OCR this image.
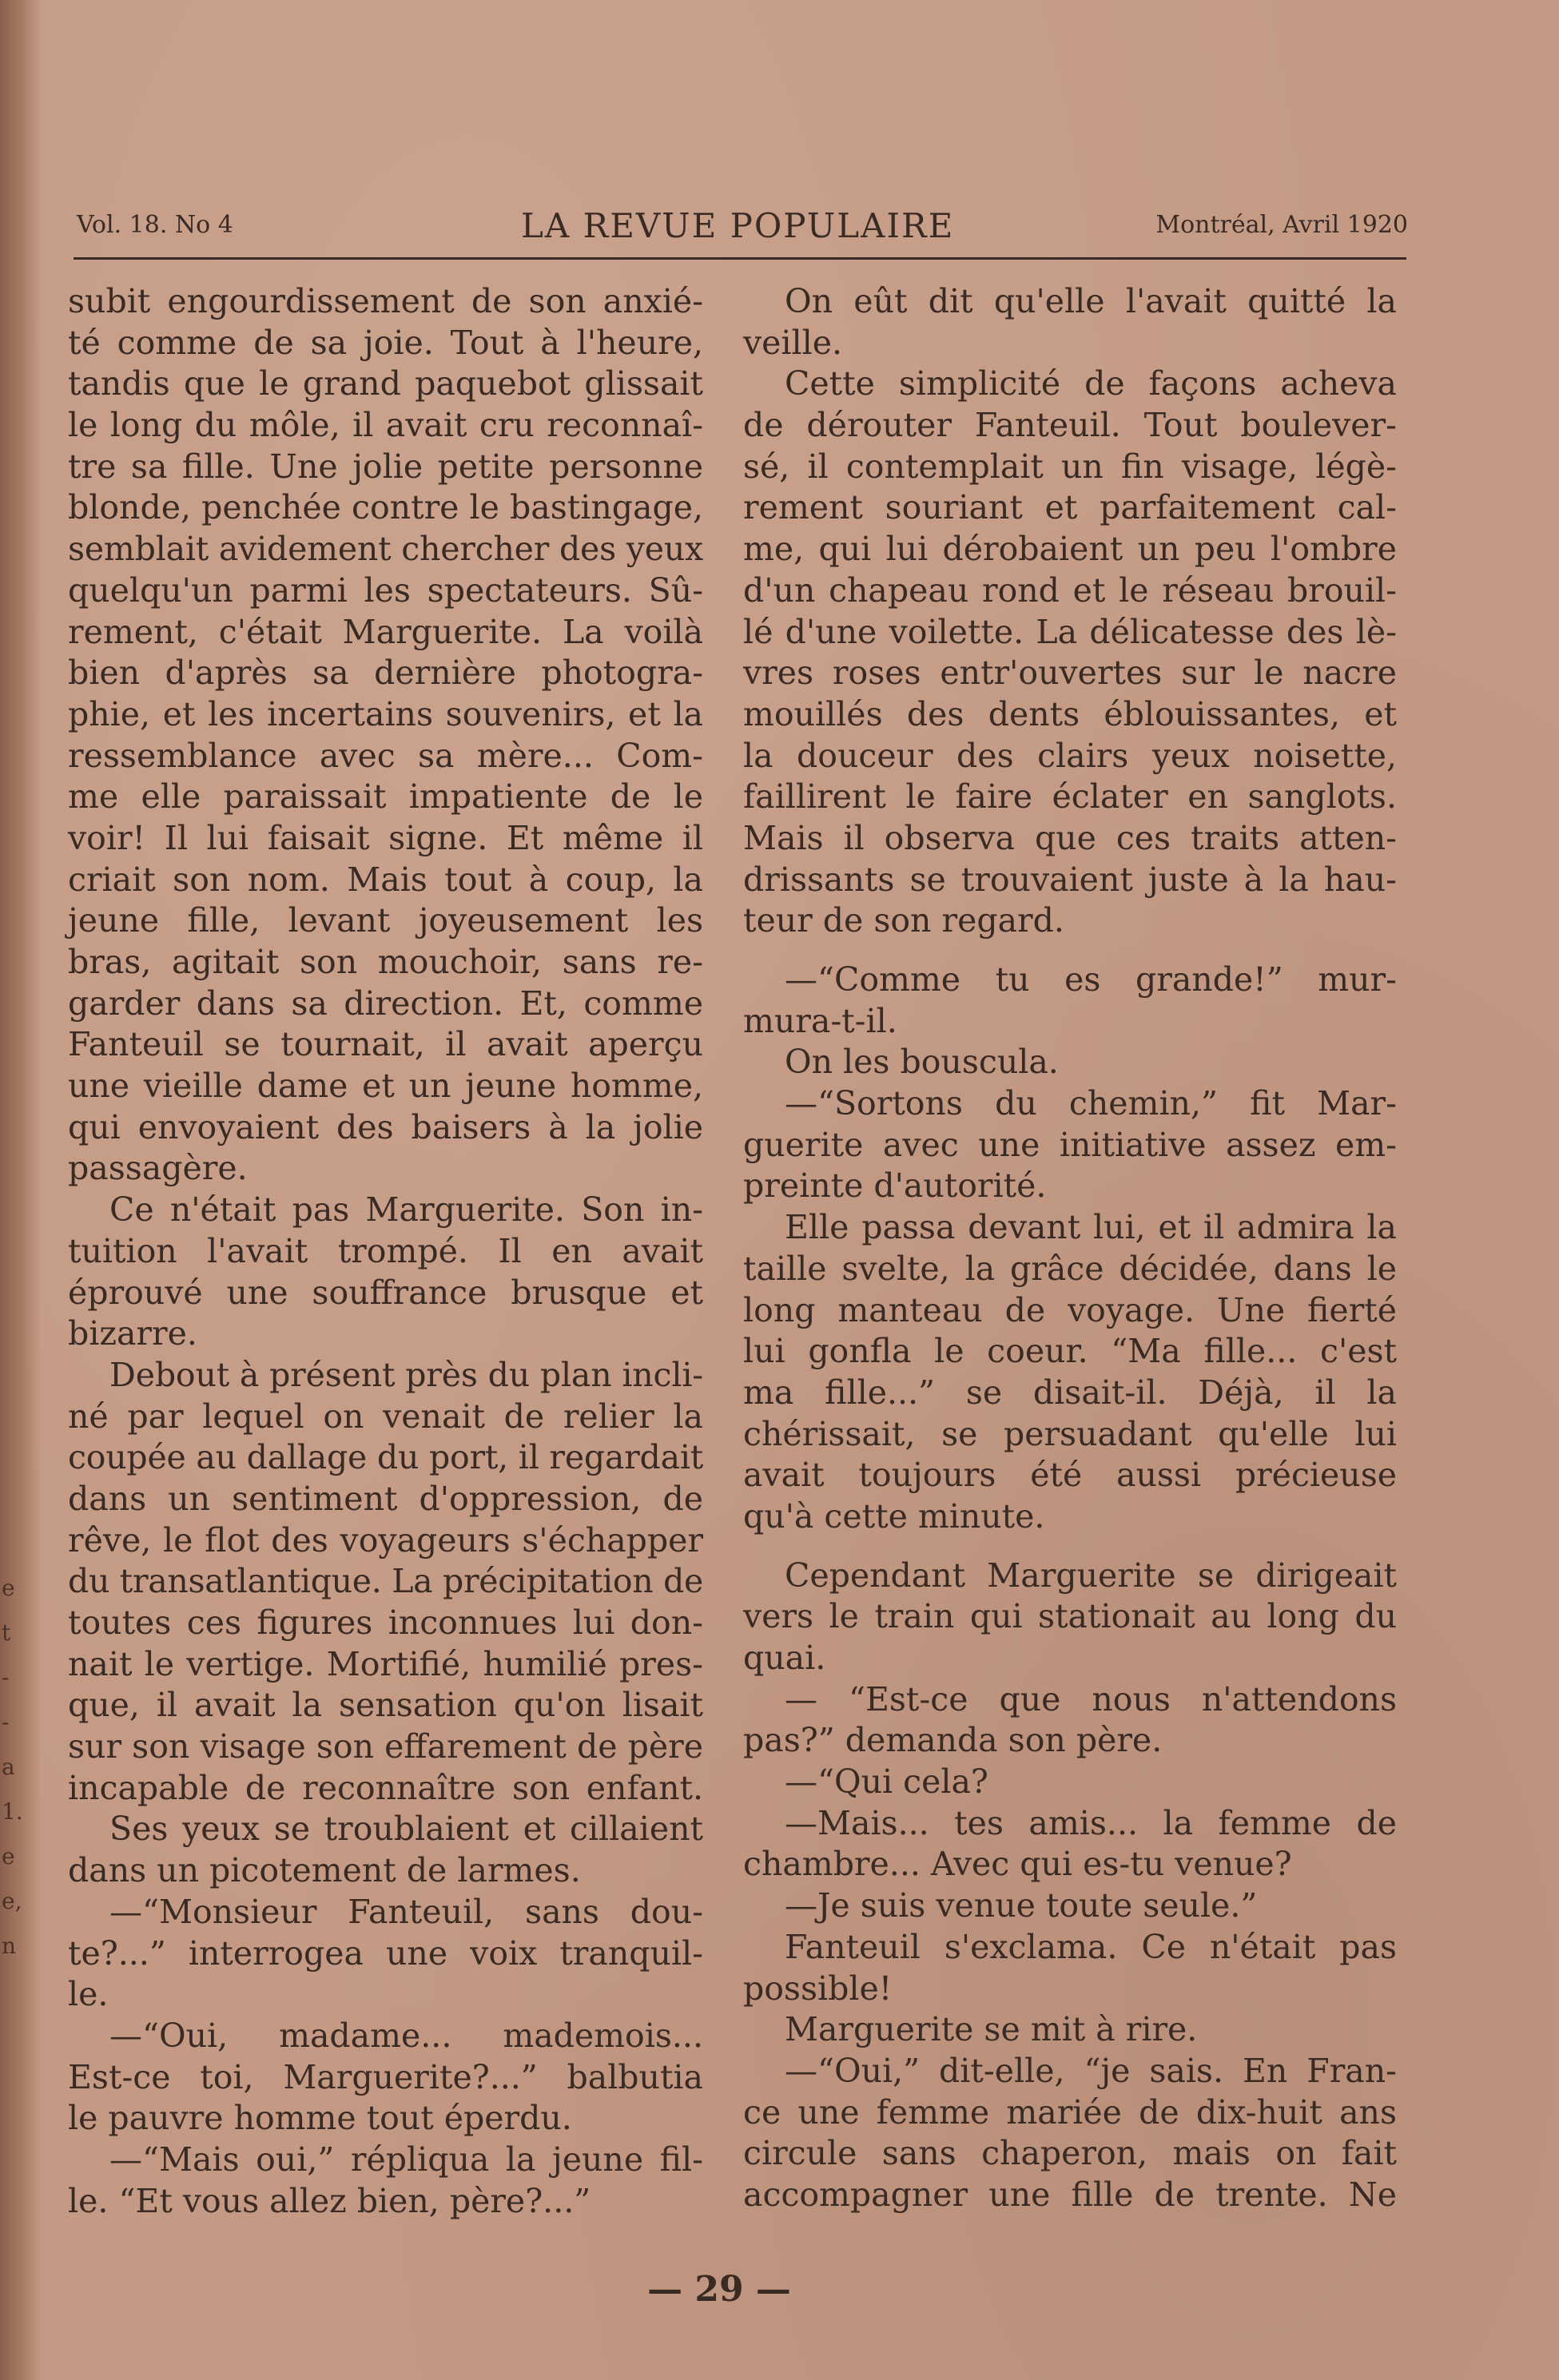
e
t
-
-
a
1.
e
e,
n
Vol. 18. No 4	LA REVUE POPULAIRE	Montréal, Avril 1920
subit engourdissement de son anxié-
té comme de sa joie. Tout à l'heure,
tandis que le grand paquebot glissait
le long du môle, il avait cru reconnaî-
tre sa fille. Une jolie petite personne
blonde, penchée contre le bastingage,
semblait avidement chercher des yeux
quelqu'un parmi les spectateurs. Sû-
rement, c'était Marguerite. La voilà
bien d'après sa dernière photogra-
phie, et les incertains souvenirs, et la
ressemblance avec sa mère... Com-
me elle paraissait impatiente de le
voir! Il lui faisait signe. Et même il
criait son nom. Mais tout à coup, la
jeune fille, levant joyeusement les
bras, agitait son mouchoir, sans re-
garder dans sa direction. Et, comme
Fanteuil se tournait, il avait aperçu
une vieille dame et un jeune homme,
qui envoyaient des baisers à la jolie
passagère.
Ce n'était pas Marguerite. Son in-
tuition l'avait trompé. Il en avait
éprouvé une souffrance brusque et
bizarre.
Debout à présent près du plan incli-
né par lequel on venait de relier la
coupée au dallage du port, il regardait
dans un sentiment d'oppression, de
rêve, le flot des voyageurs s'échapper
du transatlantique. La précipitation de
toutes ces figures inconnues lui don-
nait le vertige. Mortifié, humilié pres-
que, il avait la sensation qu'on lisait
sur son visage son effarement de père
incapable de reconnaître son enfant.
Ses yeux se troublaient et cillaient
dans un picotement de larmes.
—“Monsieur Fanteuil, sans dou-
te?...” interrogea une voix tranquil-
le.
—“Oui, madame... mademois...
Est-ce toi, Marguerite?...” balbutia
le pauvre homme tout éperdu.
—“Mais oui,” répliqua la jeune fil-
le. “Et vous allez bien, père?...”
On eût dit qu'elle l'avait quitté la
veille.
Cette simplicité de façons acheva
de dérouter Fanteuil. Tout boulever-
sé, il contemplait un fin visage, légè-
rement souriant et parfaitement cal-
me, qui lui dérobaient un peu l'ombre
d'un chapeau rond et le réseau brouil-
lé d'une voilette. La délicatesse des lè-
vres roses entr'ouvertes sur le nacre
mouillés des dents éblouissantes, et
la douceur des clairs yeux noisette,
faillirent le faire éclater en sanglots.
Mais il observa que ces traits atten-
drissants se trouvaient juste à la hau-
teur de son regard.
—“Comme tu es grande!” mur-
mura-t-il.
On les bouscula.
—“Sortons du chemin,” fit Mar-
guerite avec une initiative assez em-
preinte d'autorité.
Elle passa devant lui, et il admira la
taille svelte, la grâce décidée, dans le
long manteau de voyage. Une fierté
lui gonfla le coeur. “Ma fille... c'est
ma fille...” se disait-il. Déjà, il la
chérissait, se persuadant qu'elle lui
avait toujours été aussi précieuse
qu'à cette minute.
Cependant Marguerite se dirigeait
vers le train qui stationait au long du
quai.
— “Est-ce que nous n'attendons
pas?” demanda son père.
—“Qui cela?
—Mais... tes amis... la femme de
chambre... Avec qui es-tu venue?
—Je suis venue toute seule.”
Fanteuil s'exclama. Ce n'était pas
possible!
Marguerite se mit à rire.
—“Oui,” dit-elle, “je sais. En Fran-
ce une femme mariée de dix-huit ans
circule sans chaperon, mais on fait
accompagner une fille de trente. Ne
— 29 —
